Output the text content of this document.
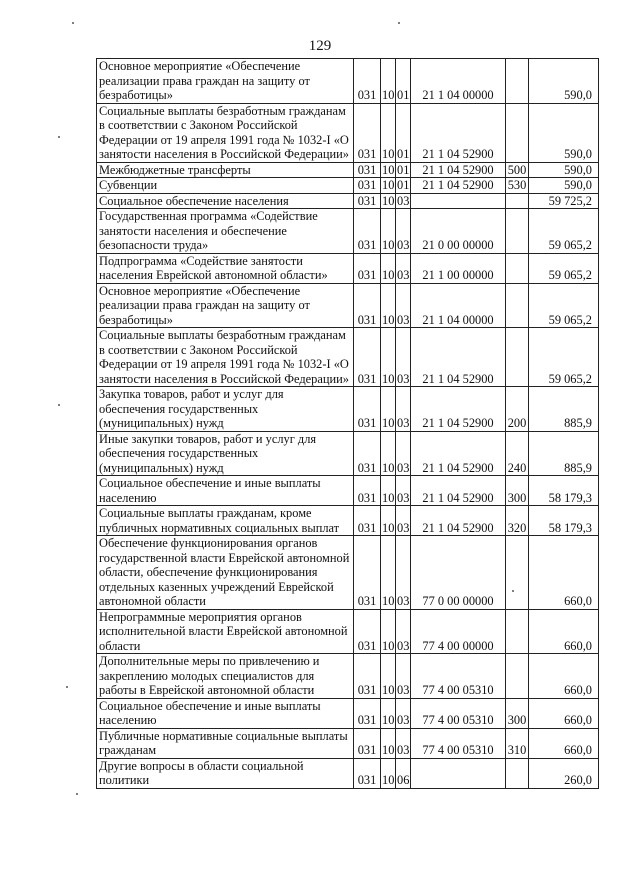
129
Основное мероприятие «Обеспечение реализации права граждан на защиту от безработицы»	031	10	01	21 1 04 00000		590,0
Социальные выплаты безработным гражданам в соответствии с Законом Российской Федерации от 19 апреля 1991 года № 1032-I «О занятости населения в Российской Федерации»	031	10	01	21 1 04 52900		590,0
Межбюджетные трансферты	031	10	01	21 1 04 52900	500	590,0
Субвенции	031	10	01	21 1 04 52900	530	590,0
Социальное обеспечение населения	031	10	03			59 725,2
Государственная программа «Содействие занятости населения и обеспечение безопасности труда»	031	10	03	21 0 00 00000		59 065,2
Подпрограмма «Содействие занятости населения Еврейской автономной области»	031	10	03	21 1 00 00000		59 065,2
Основное мероприятие «Обеспечение реализации права граждан на защиту от безработицы»	031	10	03	21 1 04 00000		59 065,2
Социальные выплаты безработным гражданам в соответствии с Законом Российской Федерации от 19 апреля 1991 года № 1032-I «О занятости населения в Российской Федерации»	031	10	03	21 1 04 52900		59 065,2
Закупка товаров, работ и услуг для обеспечения государственных (муниципальных) нужд	031	10	03	21 1 04 52900	200	885,9
Иные закупки товаров, работ и услуг для обеспечения государственных (муниципальных) нужд	031	10	03	21 1 04 52900	240	885,9
Социальное обеспечение и иные выплаты населению	031	10	03	21 1 04 52900	300	58 179,3
Социальные выплаты гражданам, кроме публичных нормативных социальных выплат	031	10	03	21 1 04 52900	320	58 179,3
Обеспечение функционирования органов государственной власти Еврейской автономной области, обеспечение функционирования отдельных казенных учреждений Еврейской автономной области	031	10	03	77 0 00 00000		660,0
Непрограммные мероприятия органов исполнительной власти Еврейской автономной области	031	10	03	77 4 00 00000		660,0
Дополнительные меры по привлечению и закреплению молодых специалистов для работы в Еврейской автономной области	031	10	03	77 4 00 05310		660,0
Социальное обеспечение и иные выплаты населению	031	10	03	77 4 00 05310	300	660,0
Публичные нормативные социальные выплаты гражданам	031	10	03	77 4 00 05310	310	660,0
Другие вопросы в области социальной политики	031	10	06			260,0
